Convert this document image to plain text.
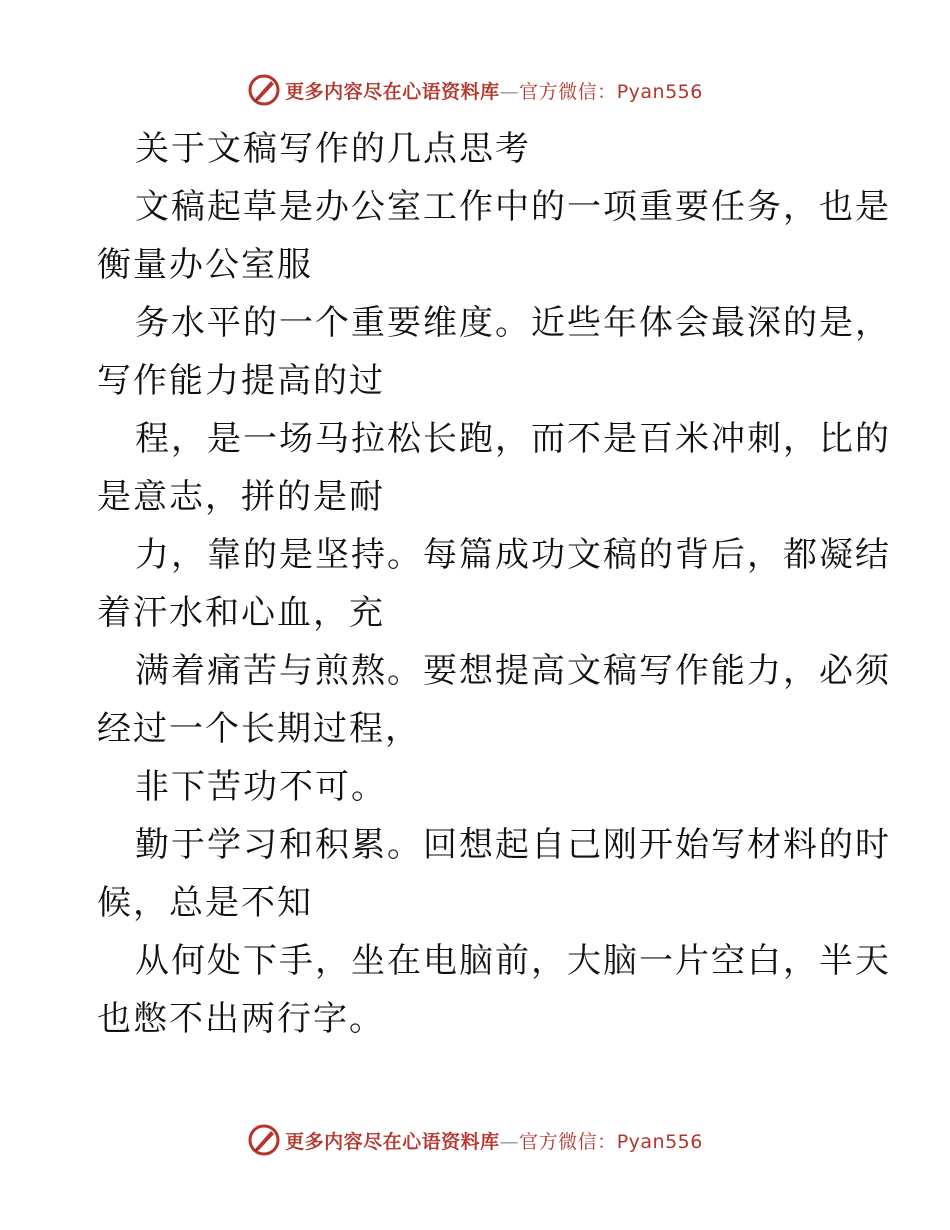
更多内容尽在心语资料库—官方微信：Pyan556
关于文稿写作的几点思考
文稿起草是办公室工作中的一项重要任务，也是
衡量办公室服
务水平的一个重要维度。近些年体会最深的是，
写作能力提高的过
程，是一场马拉松长跑，而不是百米冲刺，比的
是意志，拼的是耐
力，靠的是坚持。每篇成功文稿的背后，都凝结
着汗水和心血，充
满着痛苦与煎熬。要想提高文稿写作能力，必须
经过一个长期过程，
非下苦功不可。
勤于学习和积累。回想起自己刚开始写材料的时
候，总是不知
从何处下手，坐在电脑前，大脑一片空白，半天
也憋不出两行字。
更多内容尽在心语资料库—官方微信：Pyan556
